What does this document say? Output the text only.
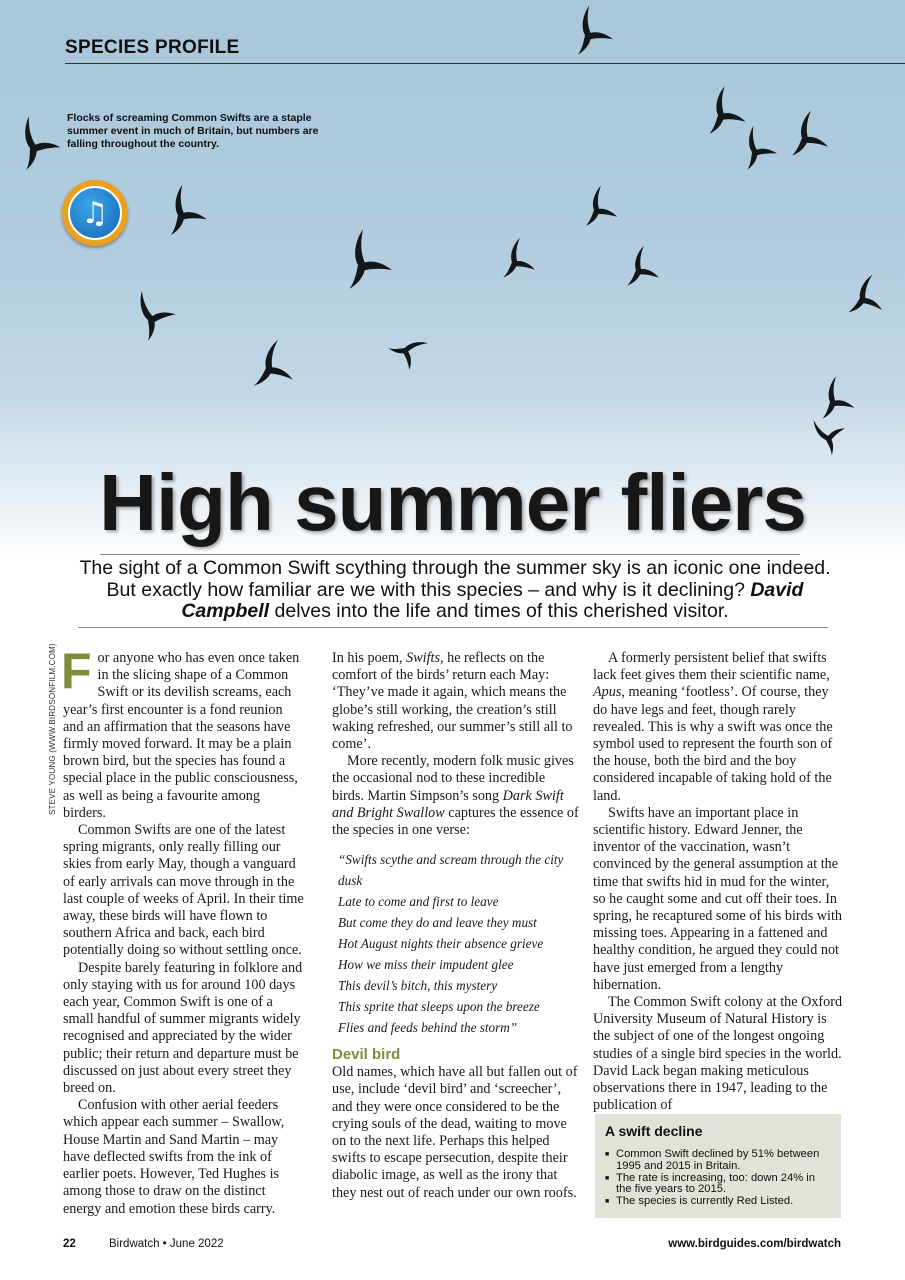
SPECIES PROFILE
Flocks of screaming Common Swifts are a staple summer event in much of Britain, but numbers are falling throughout the country.
♫
High summer fliers
The sight of a Common Swift scything through the summer sky is an iconic one indeed. But exactly how familiar are we with this species – and why is it declining? David Campbell delves into the life and times of this cherished visitor.
STEVE YOUNG (WWW.BIRDSONFILM.COM) For anyone who has even once taken in the slicing shape of a Common Swift or its devilish screams, each year’s first encounter is a fond reunion and an affirmation that the seasons have firmly moved forward. It may be a plain brown bird, but the species has found a special place in the public consciousness, as well as being a favourite among birders.

Common Swifts are one of the latest spring migrants, only really filling our skies from early May, though a vanguard of early arrivals can move through in the last couple of weeks of April. In their time away, these birds will have flown to southern Africa and back, each bird potentially doing so without settling once.

Despite barely featuring in folklore and only staying with us for around 100 days each year, Common Swift is one of a small handful of summer migrants widely recognised and appreciated by the wider public; their return and departure must be discussed on just about every street they breed on.

Confusion with other aerial feeders which appear each summer – Swallow, House Martin and Sand Martin – may have deflected swifts from the ink of earlier poets. However, Ted Hughes is among those to draw on the distinct energy and emotion these birds carry.

In his poem, Swifts, he reflects on the comfort of the birds’ return each May: ‘They’ve made it again, which means the globe’s still working, the creation’s still waking refreshed, our summer’s still all to come’.

More recently, modern folk music gives the occasional nod to these incredible birds. Martin Simpson’s song Dark Swift and Bright Swallow captures the essence of the species in one verse:

“Swifts scythe and scream through the city dusk
Late to come and first to leave
But come they do and leave they must
Hot August nights their absence grieve
How we miss their impudent glee
This devil’s bitch, this mystery
This sprite that sleeps upon the breeze
Flies and feeds behind the storm”
Devil bird

Old names, which have all but fallen out of use, include ‘devil bird’ and ‘screecher’, and they were once considered to be the crying souls of the dead, waiting to move on to the next life. Perhaps this helped swifts to escape persecution, despite their diabolic image, as well as the irony that they nest out of reach under our own roofs.

A formerly persistent belief that swifts lack feet gives them their scientific name, Apus, meaning ‘footless’. Of course, they do have legs and feet, though rarely revealed. This is why a swift was once the symbol used to represent the fourth son of the house, both the bird and the boy considered incapable of taking hold of the land.

Swifts have an important place in scientific history. Edward Jenner, the inventor of the vaccination, wasn’t convinced by the general assumption at the time that swifts hid in mud for the winter, so he caught some and cut off their toes. In spring, he recaptured some of his birds with missing toes. Appearing in a fattened and healthy condition, he argued they could not have just emerged from a lengthy hibernation.

The Common Swift colony at the Oxford University Museum of Natural History is the subject of one of the longest ongoing studies of a single bird species in the world. David Lack began making meticulous observations there in 1947, leading to the publication of

A swift decline
■ Common Swift declined by 51% between 1995 and 2015 in Britain.
■ The rate is increasing, too: down 24% in the five years to 2015.
■ The species is currently Red Listed.
22	Birdwatch • June 2022	www.birdguides.com/birdwatch
